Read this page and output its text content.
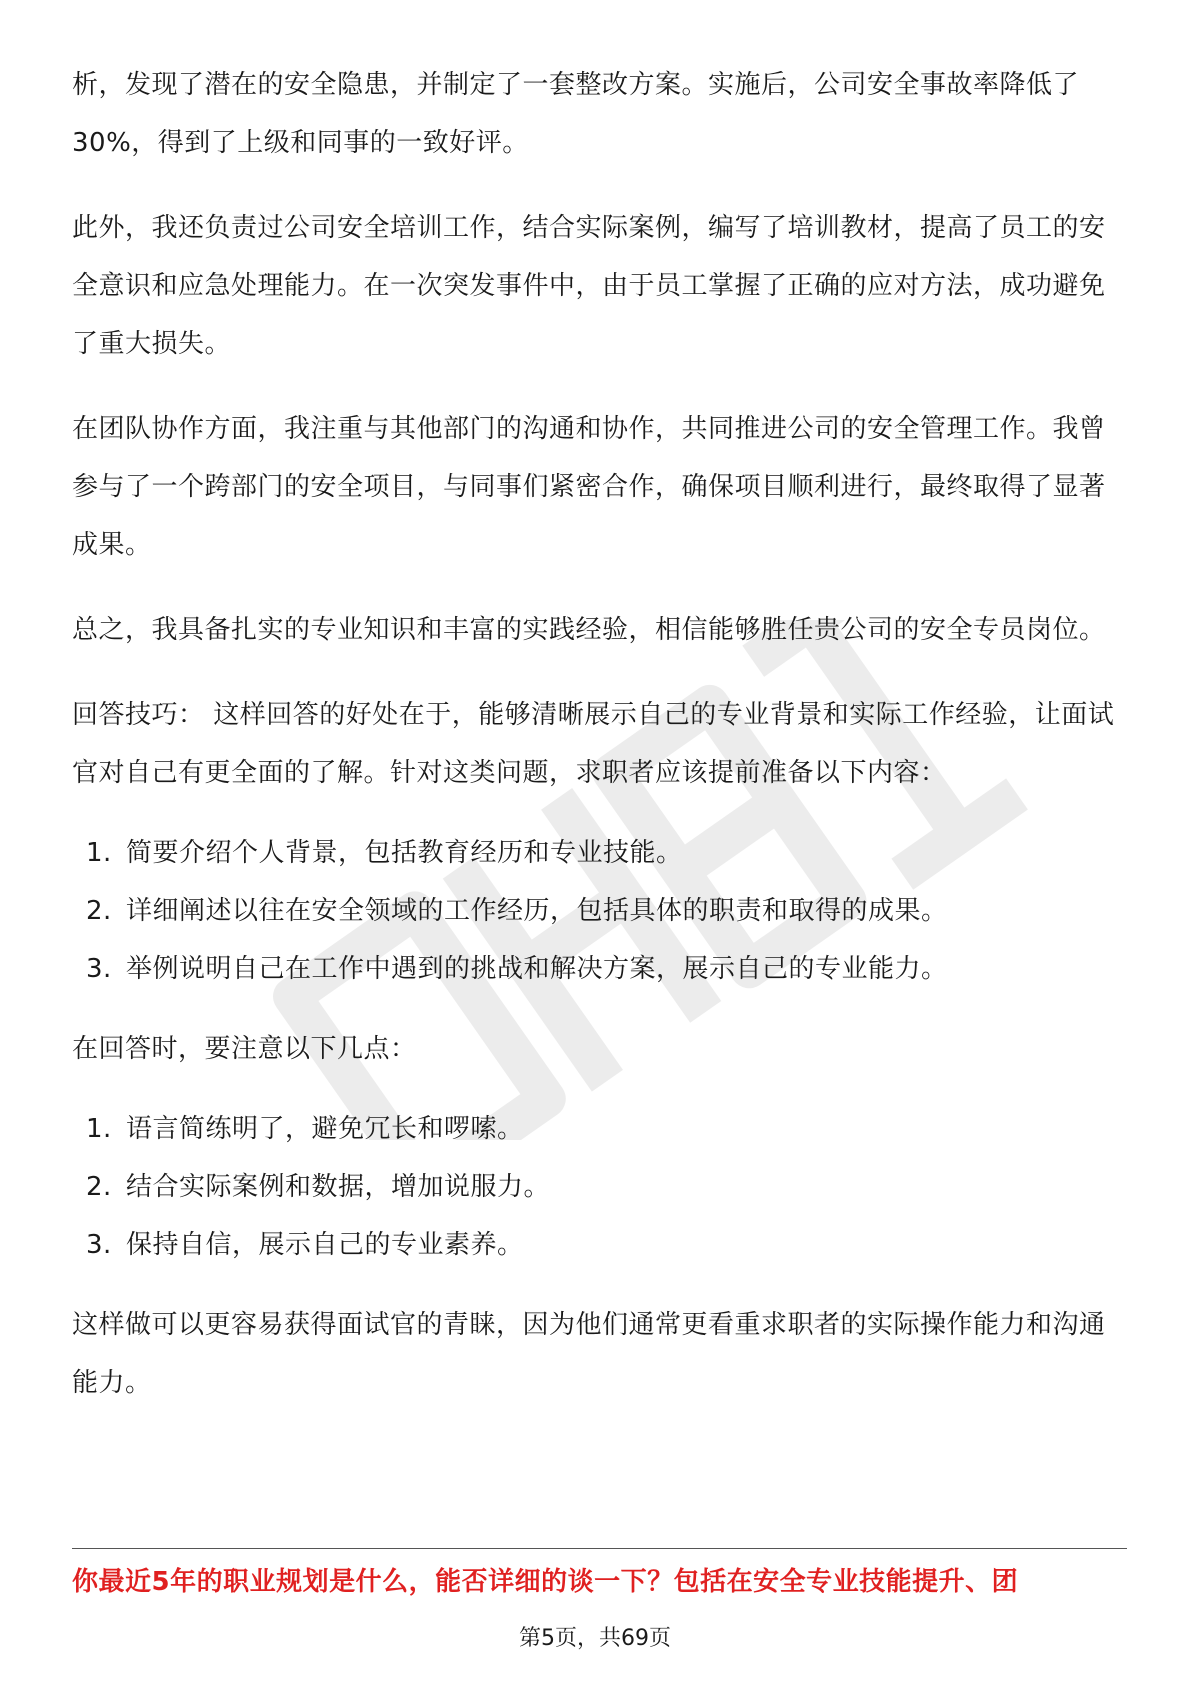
析，发现了潜在的安全隐患，并制定了一套整改方案。实施后，公司安全事故率降低了30%，得到了上级和同事的一致好评。

此外，我还负责过公司安全培训工作，结合实际案例，编写了培训教材，提高了员工的安全意识和应急处理能力。在一次突发事件中，由于员工掌握了正确的应对方法，成功避免了重大损失。

在团队协作方面，我注重与其他部门的沟通和协作，共同推进公司的安全管理工作。我曾参与了一个跨部门的安全项目，与同事们紧密合作，确保项目顺利进行，最终取得了显著成果。

总之，我具备扎实的专业知识和丰富的实践经验，相信能够胜任贵公司的安全专员岗位。

回答技巧： 这样回答的好处在于，能够清晰展示自己的专业背景和实际工作经验，让面试官对自己有更全面的了解。针对这类问题，求职者应该提前准备以下内容：

1. 简要介绍个人背景，包括教育经历和专业技能。
2. 详细阐述以往在安全领域的工作经历，包括具体的职责和取得的成果。
3. 举例说明自己在工作中遇到的挑战和解决方案，展示自己的专业能力。

在回答时，要注意以下几点：

1. 语言简练明了，避免冗长和啰嗦。
2. 结合实际案例和数据，增加说服力。
3. 保持自信，展示自己的专业素养。

这样做可以更容易获得面试官的青睐，因为他们通常更看重求职者的实际操作能力和沟通能力。

你最近5年的职业规划是什么，能否详细的谈一下？包括在安全专业技能提升、团
第5页，共69页
